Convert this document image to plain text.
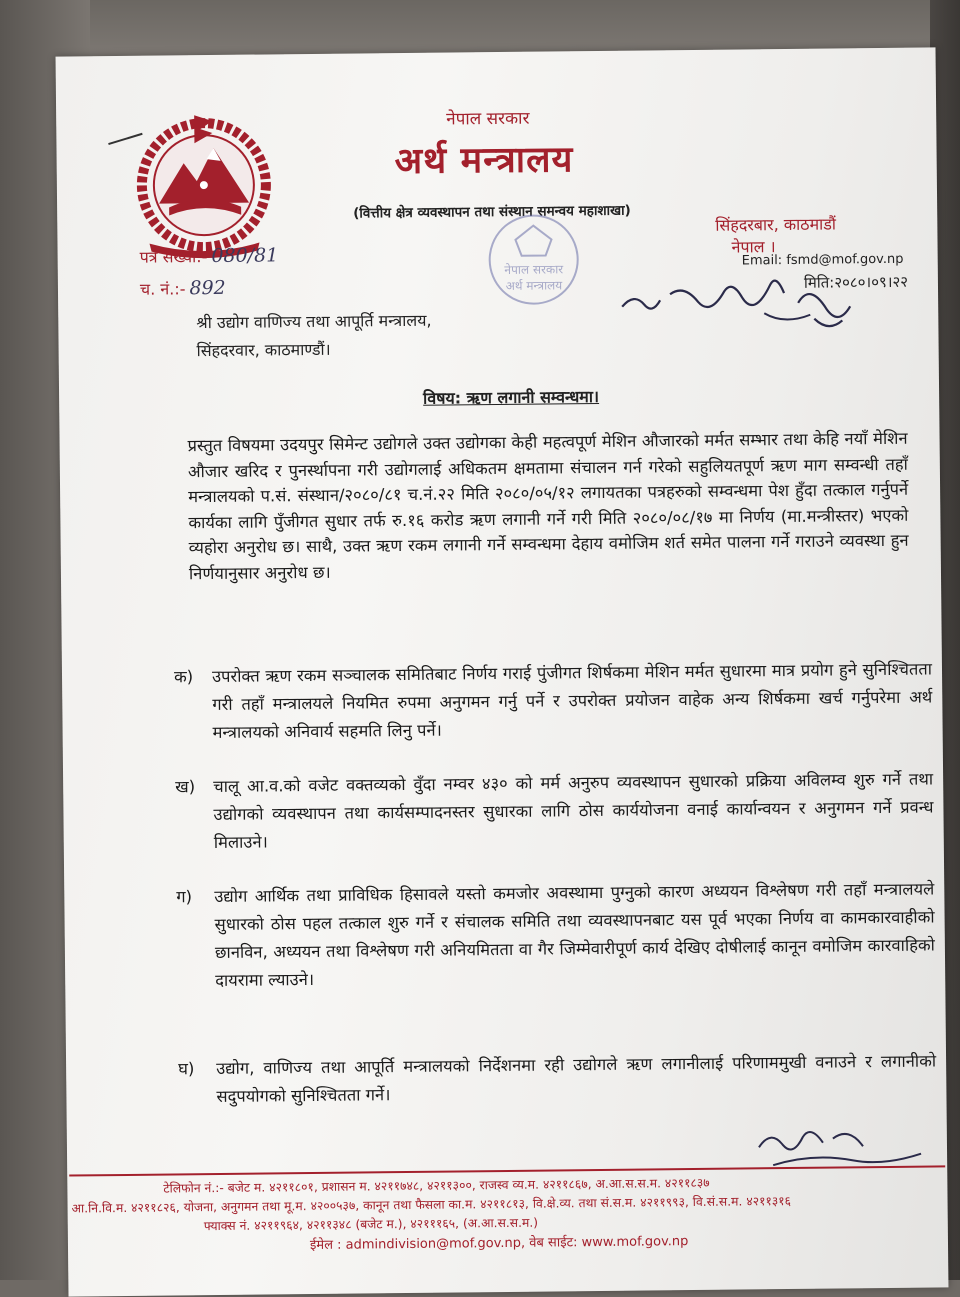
नेपाल सरकार
अर्थ मन्त्रालय
(वित्तीय क्षेत्र व्यवस्थापन तथा संस्थान समन्वय महाशाखा)
सिंहदरबार, काठमाडौं
नेपाल ।
Email: fsmd@mof.gov.np
मिति:२०८०।०९।२२
पत्र संख्या:- 080/81
च. नं.:- 892
नेपाल सरकार
अर्थ मन्त्रालय
श्री उद्योग वाणिज्य तथा आपूर्ति मन्त्रालय,
सिंहदरवार, काठमाण्डौं।
विषय: ऋण लगानी सम्वन्धमा।
प्रस्तुत विषयमा उदयपुर सिमेन्ट उद्योगले उक्त उद्योगका केही महत्वपूर्ण मेशिन औजारको मर्मत सम्भार तथा केहि नयाँ मेशिन औजार खरिद र पुनर्स्थापना गरी उद्योगलाई अधिकतम क्षमतामा संचालन गर्न गरेको सहुलियतपूर्ण ऋण माग सम्वन्धी तहाँ मन्त्रालयको प.सं. संस्थान/२०८०/८१ च.नं.२२ मिति २०८०/०५/१२ लगायतका पत्रहरुको सम्वन्धमा पेश हुँदा तत्काल गर्नुपर्ने कार्यका लागि पुँजीगत सुधार तर्फ रु.१६ करोड ऋण लगानी गर्ने गरी मिति २०८०/०८/१७ मा निर्णय (मा.मन्त्रीस्तर) भएको व्यहोरा अनुरोध छ। साथै, उक्त ऋण रकम लगानी गर्ने सम्वन्धमा देहाय वमोजिम शर्त समेत पालना गर्ने गराउने व्यवस्था हुन निर्णयानुसार अनुरोध छ।
क) उपरोक्त ऋण रकम सञ्चालक समितिबाट निर्णय गराई पुंजीगत शिर्षकमा मेशिन मर्मत सुधारमा मात्र प्रयोग हुने सुनिश्चितता गरी तहाँ मन्त्रालयले नियमित रुपमा अनुगमन गर्नु पर्ने र उपरोक्त प्रयोजन वाहेक अन्य शिर्षकमा खर्च गर्नुपरेमा अर्थ मन्त्रालयको अनिवार्य सहमति लिनु पर्ने।
ख) चालू आ.व.को वजेट वक्तव्यको वुँदा नम्वर ४३० को मर्म अनुरुप व्यवस्थापन सुधारको प्रक्रिया अविलम्व शुरु गर्ने तथा उद्योगको व्यवस्थापन तथा कार्यसम्पादनस्तर सुधारका लागि ठोस कार्ययोजना वनाई कार्यान्वयन र अनुगमन गर्ने प्रवन्ध मिलाउने।
ग) उद्योग आर्थिक तथा प्राविधिक हिसावले यस्तो कमजोर अवस्थामा पुग्नुको कारण अध्ययन विश्लेषण गरी तहाँ मन्त्रालयले सुधारको ठोस पहल तत्काल शुरु गर्ने र संचालक समिति तथा व्यवस्थापनबाट यस पूर्व भएका निर्णय वा कामकारवाहीको छानविन, अध्ययन तथा विश्लेषण गरी अनियमितता वा गैर जिम्मेवारीपूर्ण कार्य देखिए दोषीलाई कानून वमोजिम कारवाहिको दायरामा ल्याउने।
घ) उद्योग, वाणिज्य तथा आपूर्ति मन्त्रालयको निर्देशनमा रही उद्योगले ऋण लगानीलाई परिणाममुखी वनाउने र लगानीको सदुपयोगको सुनिश्चितता गर्ने।
टेलिफोन नं.:- बजेट म. ४२११८०१, प्रशासन म. ४२११७४८, ४२११३००, राजस्व व्य.म. ४२११८६७, अ.आ.स.स.म. ४२११८३७
आ.नि.वि.म. ४२११८२६, योजना, अनुगमन तथा मू.म. ४२००५३७, कानून तथा फैसला का.म. ४२११८१३, वि.क्षे.व्य. तथा सं.स.म. ४२११९९३, वि.सं.स.म. ४२११३१६
फ्याक्स नं. ४२११९६४, ४२११३४८ (बजेट म.), ४२१११६५, (अ.आ.स.स.म.)
ईमेल : admindivision@mof.gov.np, वेब साईट: www.mof.gov.np
